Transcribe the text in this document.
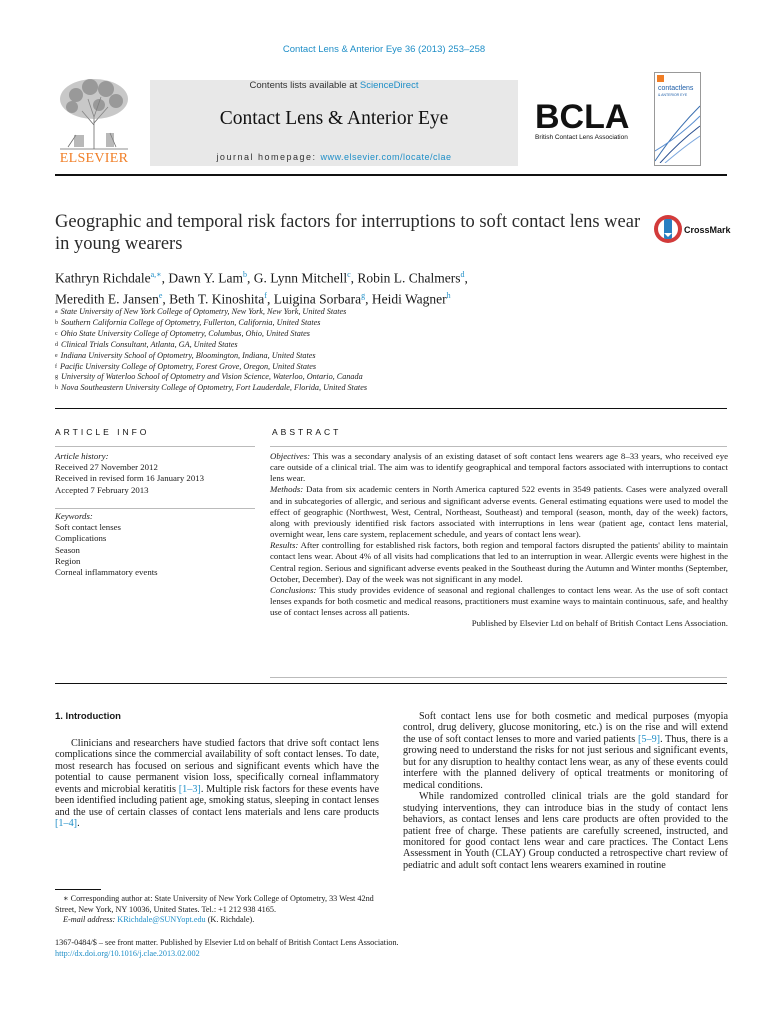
Contact Lens & Anterior Eye 36 (2013) 253–258
ELSEVIER
Contents lists available at ScienceDirect
Contact Lens & Anterior Eye
journal homepage: www.elsevier.com/locate/clae
BCLA
British Contact Lens Association
contactlens
& ANTERIOR EYE
Geographic and temporal risk factors for interruptions to soft contact lens wear in young wearers
CrossMark
Kathryn Richdale$^{a,∗}$, Dawn Y. Lam$^b$, G. Lynn Mitchell$^c$, Robin L. Chalmers$^d$,
Meredith E. Jansen$^e$, Beth T. Kinoshita$^f$, Luigina Sorbara$^g$, Heidi Wagner$^h$
$^a$ State University of New York College of Optometry, New York, New York, United States
$^b$ Southern California College of Optometry, Fullerton, California, United States
$^c$ Ohio State University College of Optometry, Columbus, Ohio, United States
$^d$ Clinical Trials Consultant, Atlanta, GA, United States
$^e$ Indiana University School of Optometry, Bloomington, Indiana, United States
$^f$ Pacific University College of Optometry, Forest Grove, Oregon, United States
$^g$ University of Waterloo School of Optometry and Vision Science, Waterloo, Ontario, Canada
$^h$ Nova Southeastern University College of Optometry, Fort Lauderdale, Florida, United States
ARTICLE INFO	ABSTRACT
Article history:
Received 27 November 2012
Received in revised form 16 January 2013
Accepted 7 February 2013
Keywords:
Soft contact lenses
Complications
Season
Region
Corneal inflammatory events

Objectives: This was a secondary analysis of an existing dataset of soft contact lens wearers age 8–33 years, who received eye care outside of a clinical trial. The aim was to identify geographical and temporal factors associated with interruptions to contact lens wear.

Methods: Data from six academic centers in North America captured 522 events in 3549 patients. Cases were analyzed overall and in subcategories of allergic, and serious and significant adverse events. General estimating equations were used to model the effect of geographic (Northwest, West, Central, Northeast, Southeast) and temporal (season, month, day of the week) factors, along with previously identified risk factors associated with interruptions in lens wear (patient age, contact lens material, overnight wear, lens care system, replacement schedule, and years of contact lens wear).

Results: After controlling for established risk factors, both region and temporal factors disrupted the patients' ability to maintain contact lens wear. About 4% of all visits had complications that led to an interruption in wear. Allergic events were highest in the Central region. Serious and significant adverse events peaked in the Southeast during the Autumn and Winter months (September, October, December). Day of the week was not significant in any model.

Conclusions: This study provides evidence of seasonal and regional challenges to contact lens wear. As the use of soft contact lenses expands for both cosmetic and medical reasons, practitioners must examine ways to maintain continuous, safe, and healthy use of contact lenses across all patients.

Published by Elsevier Ltd on behalf of British Contact Lens Association.

1. Introduction

Clinicians and researchers have studied factors that drive soft contact lens complications since the commercial availability of soft contact lenses. To date, most research has focused on serious and significant events which have the potential to cause permanent vision loss, specifically corneal inflammatory events and microbial keratitis [1–3]. Multiple risk factors for these events have been identified including patient age, smoking status, sleeping in contact lenses and the use of certain classes of contact lens materials and lens care products [1–4].

Soft contact lens use for both cosmetic and medical purposes (myopia control, drug delivery, glucose monitoring, etc.) is on the rise and will extend the use of soft contact lenses to more and varied patients [5–9]. Thus, there is a growing need to understand the risks for not just serious and significant events, but for any disruption to healthy contact lens wear, as any of these events could interfere with the planned delivery of optical treatments or monitoring of medical conditions.

While randomized controlled clinical trials are the gold standard for studying interventions, they can introduce bias in the study of contact lens behaviors, as contact lenses and lens care products are often provided to the patient free of charge. These patients are carefully screened, instructed, and monitored for good contact lens wear and care practices. The Contact Lens Assessment in Youth (CLAY) Group conducted a retrospective chart review of pediatric and adult soft contact lens wearers examined in routine

∗ Corresponding author at: State University of New York College of Optometry, 33 West 42nd Street, New York, NY 10036, United States. Tel.: +1 212 938 4165.

E-mail address: KRichdale@SUNYopt.edu (K. Richdale).

1367-0484/$ – see front matter. Published by Elsevier Ltd on behalf of British Contact Lens Association.

http://dx.doi.org/10.1016/j.clae.2013.02.002
